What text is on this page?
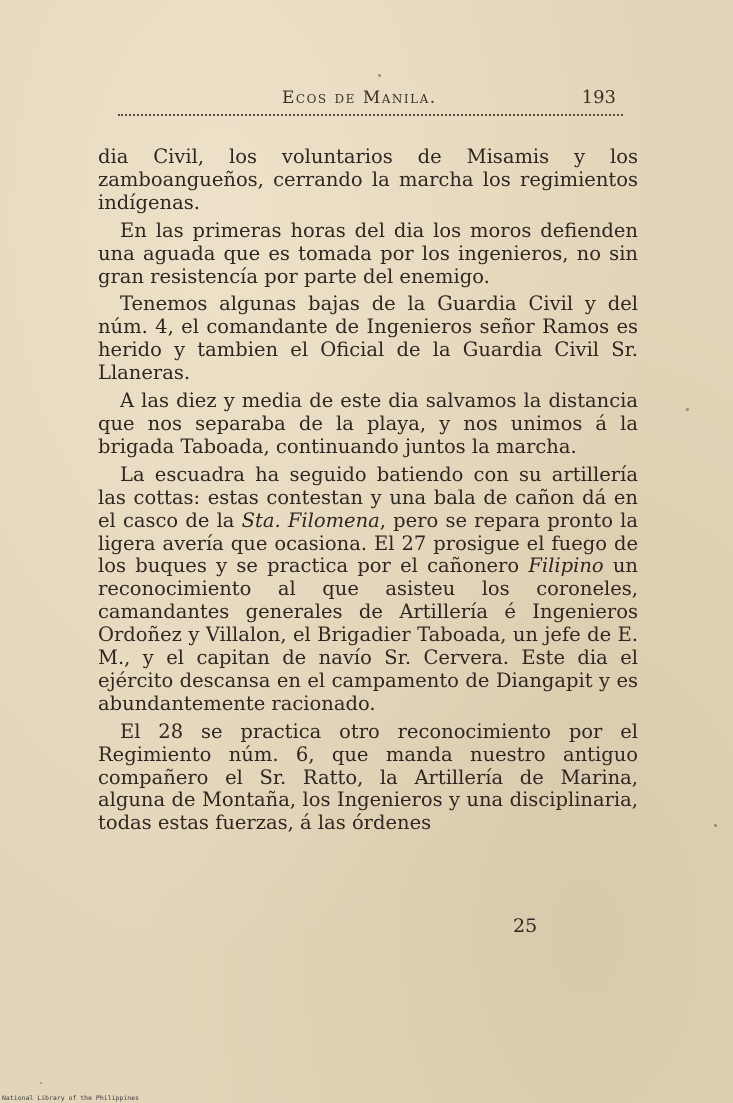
Ecos de Manila.	193

dia Civil, los voluntarios de Misamis y los zamboangueños, cerrando la marcha los regimientos indígenas.

En las primeras horas del dia los moros defienden una aguada que es tomada por los ingenieros, no sin gran resistencía por parte del enemigo.

Tenemos algunas bajas de la Guardia Civil y del núm. 4, el comandante de Ingenieros señor Ramos es herido y tambien el Oficial de la Guardia Civil Sr. Llaneras.

A las diez y media de este dia salvamos la distancia que nos separaba de la playa, y nos unimos á la brigada Taboada, continuando juntos la marcha.

La escuadra ha seguido batiendo con su artillería las cottas: estas contestan y una bala de cañon dá en el casco de la Sta. Filomena, pero se repara pronto la ligera avería que ocasiona. El 27 prosigue el fuego de los buques y se practica por el cañonero Filipino un reconocimiento al que asisteu los coroneles, camandantes generales de Artillería é Ingenieros Ordoñez y Villalon, el Brigadier Taboada, un jefe de E. M., y el capitan de navío Sr. Cervera. Este dia el ejército descansa en el campamento de Diangapit y es abundantemente racionado.

El 28 se practica otro reconocimiento por el Regimiento núm. 6, que manda nuestro antiguo compañero el Sr. Ratto, la Artillería de Marina, alguna de Montaña, los Ingenieros y una disciplinaria, todas estas fuerzas, á las órdenes

25
National Library of the Philippines
